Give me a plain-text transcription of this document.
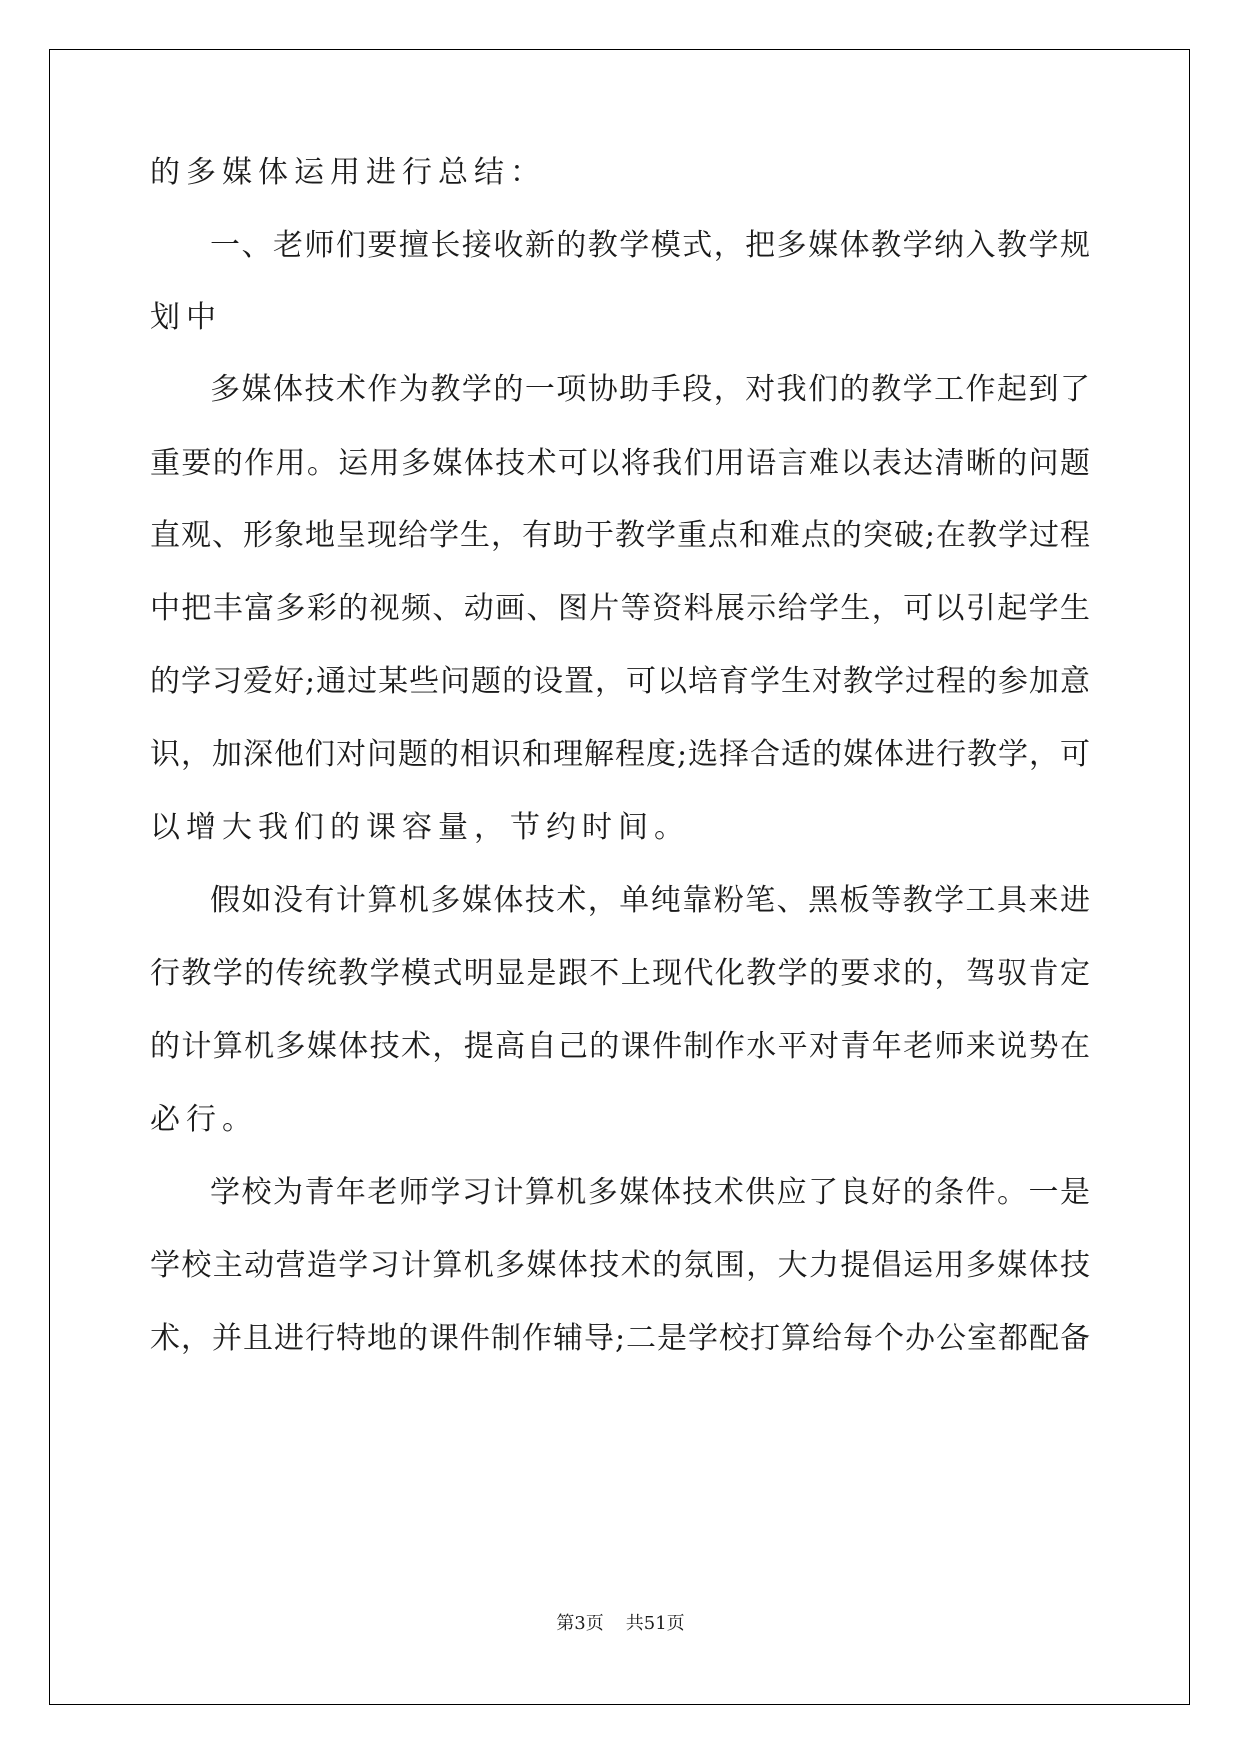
的多媒体运用进行总结：
一、老师们要擅长接收新的教学模式，把多媒体教学纳入教学规
划中
多媒体技术作为教学的一项协助手段，对我们的教学工作起到了
重要的作用。运用多媒体技术可以将我们用语言难以表达清晰的问题
直观、形象地呈现给学生，有助于教学重点和难点的突破;在教学过程
中把丰富多彩的视频、动画、图片等资料展示给学生，可以引起学生
的学习爱好;通过某些问题的设置，可以培育学生对教学过程的参加意
识，加深他们对问题的相识和理解程度;选择合适的媒体进行教学，可
以增大我们的课容量，节约时间。
假如没有计算机多媒体技术，单纯靠粉笔、黑板等教学工具来进
行教学的传统教学模式明显是跟不上现代化教学的要求的，驾驭肯定
的计算机多媒体技术，提高自己的课件制作水平对青年老师来说势在
必行。
学校为青年老师学习计算机多媒体技术供应了良好的条件。一是
学校主动营造学习计算机多媒体技术的氛围，大力提倡运用多媒体技
术，并且进行特地的课件制作辅导;二是学校打算给每个办公室都配备
第3页 共51页
